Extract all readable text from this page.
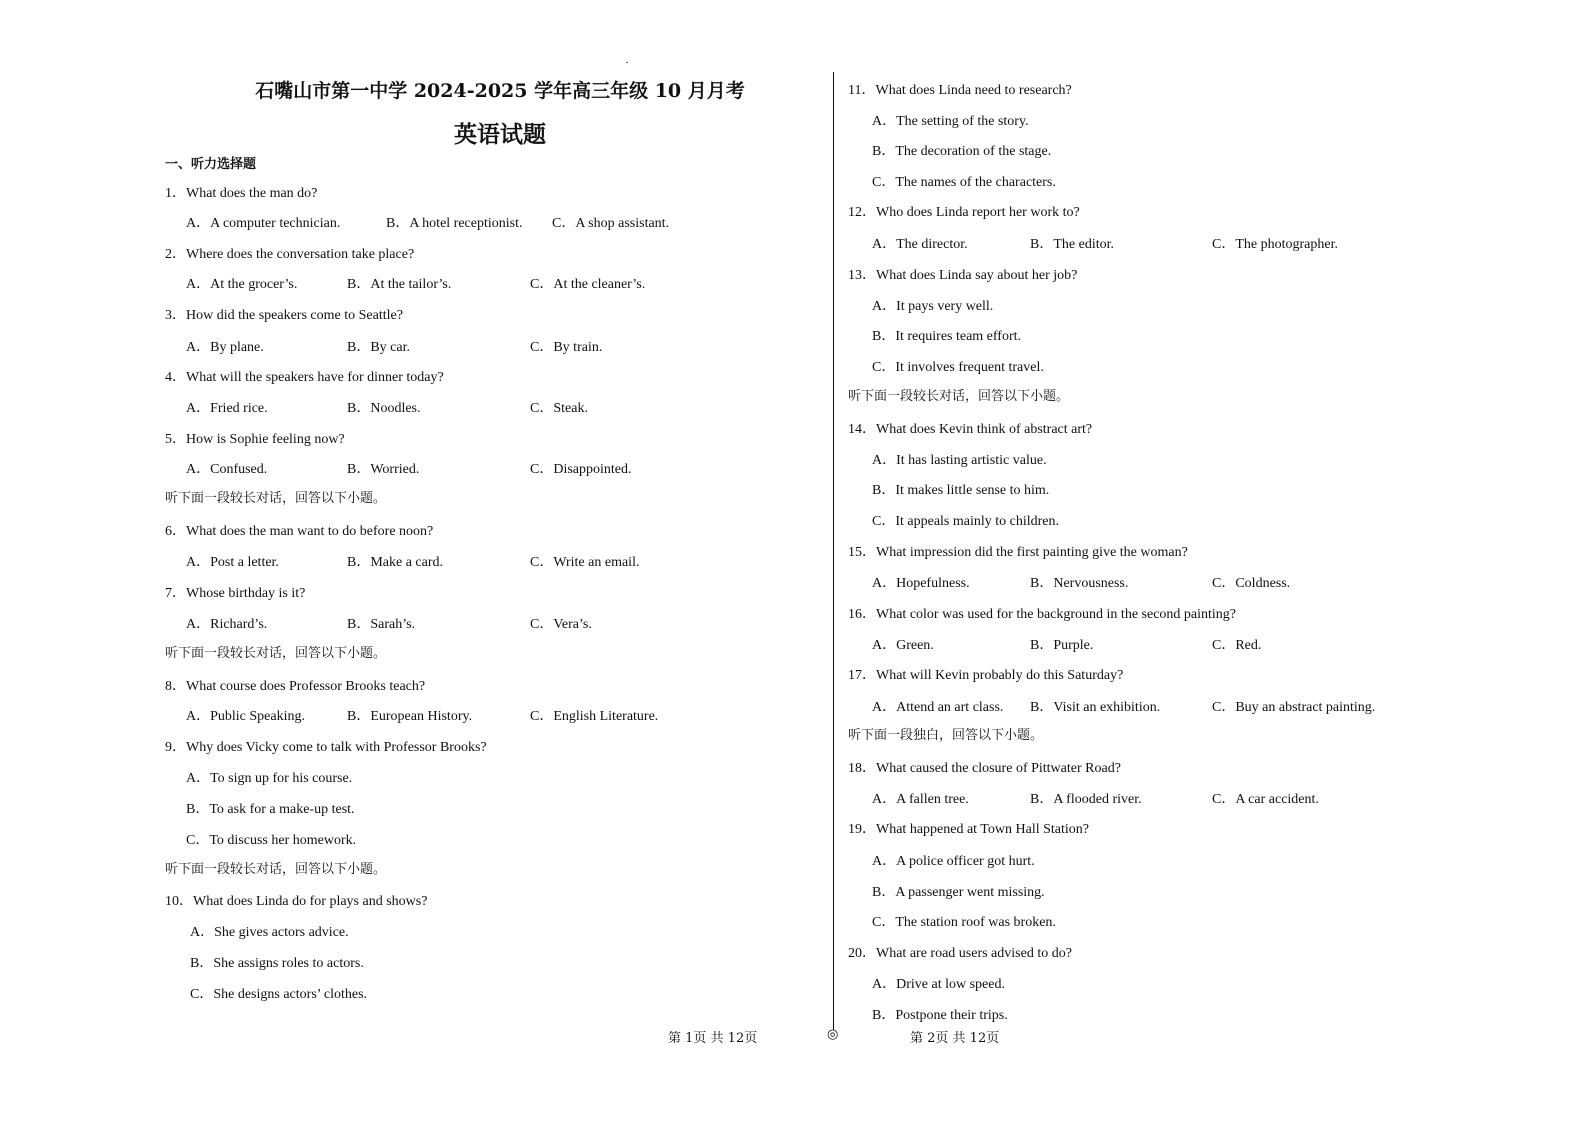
石嘴山市第一中学 2024-2025 学年高三年级 10 月月考
英语试题
一、听力选择题
1．What does the man do?
A．A computer technician.	B．A hotel receptionist. C．A shop assistant.
2．Where does the conversation take place?
A．At the grocer’s.	B．At the tailor’s.	C．At the cleaner’s.
3．How did the speakers come to Seattle?
A．By plane.	B．By car.	C．By train.
4．What will the speakers have for dinner today?
A．Fried rice.	B．Noodles.	C．Steak.
5．How is Sophie feeling now?
A．Confused.	B．Worried.	C．Disappointed.
听下面一段较长对话，回答以下小题。
6．What does the man want to do before noon?
A．Post a letter.	B．Make a card.	C．Write an email.
7．Whose birthday is it?
A．Richard’s.	B．Sarah’s.	C．Vera’s.
听下面一段较长对话，回答以下小题。
8．What course does Professor Brooks teach?
A．Public Speaking.	B．European History.	C．English Literature.
9．Why does Vicky come to talk with Professor Brooks?
A．To sign up for his course.
B．To ask for a make-up test.
C．To discuss her homework.
听下面一段较长对话，回答以下小题。
10．What does Linda do for plays and shows?
A．She gives actors advice.
B．She assigns roles to actors.
C．She designs actors’ clothes.
11．What does Linda need to research?
A．The setting of the story.
B．The decoration of the stage.
C．The names of the characters.
12．Who does Linda report her work to?
A．The director.	B．The editor.	C．The photographer.
13．What does Linda say about her job?
A．It pays very well.
B．It requires team effort.
C．It involves frequent travel.
听下面一段较长对话，回答以下小题。
14．What does Kevin think of abstract art?
A．It has lasting artistic value.
B．It makes little sense to him.
C．It appeals mainly to children.
15．What impression did the first painting give the woman?
A．Hopefulness.	B．Nervousness.	C．Coldness.
16．What color was used for the background in the second painting?
A．Green.	B．Purple.	C．Red.
17．What will Kevin probably do this Saturday?
A．Attend an art class. B．Visit an exhibition.	C．Buy an abstract painting.
听下面一段独白，回答以下小题。
18．What caused the closure of Pittwater Road?
A．A fallen tree.	B．A flooded river.	C．A car accident.
19．What happened at Town Hall Station?
A．A police officer got hurt.
B．A passenger went missing.
C．The station roof was broken.
20．What are road users advised to do?
A．Drive at low speed.
B．Postpone their trips.
第 1页 共 12页	◎	第 2页 共 12页
